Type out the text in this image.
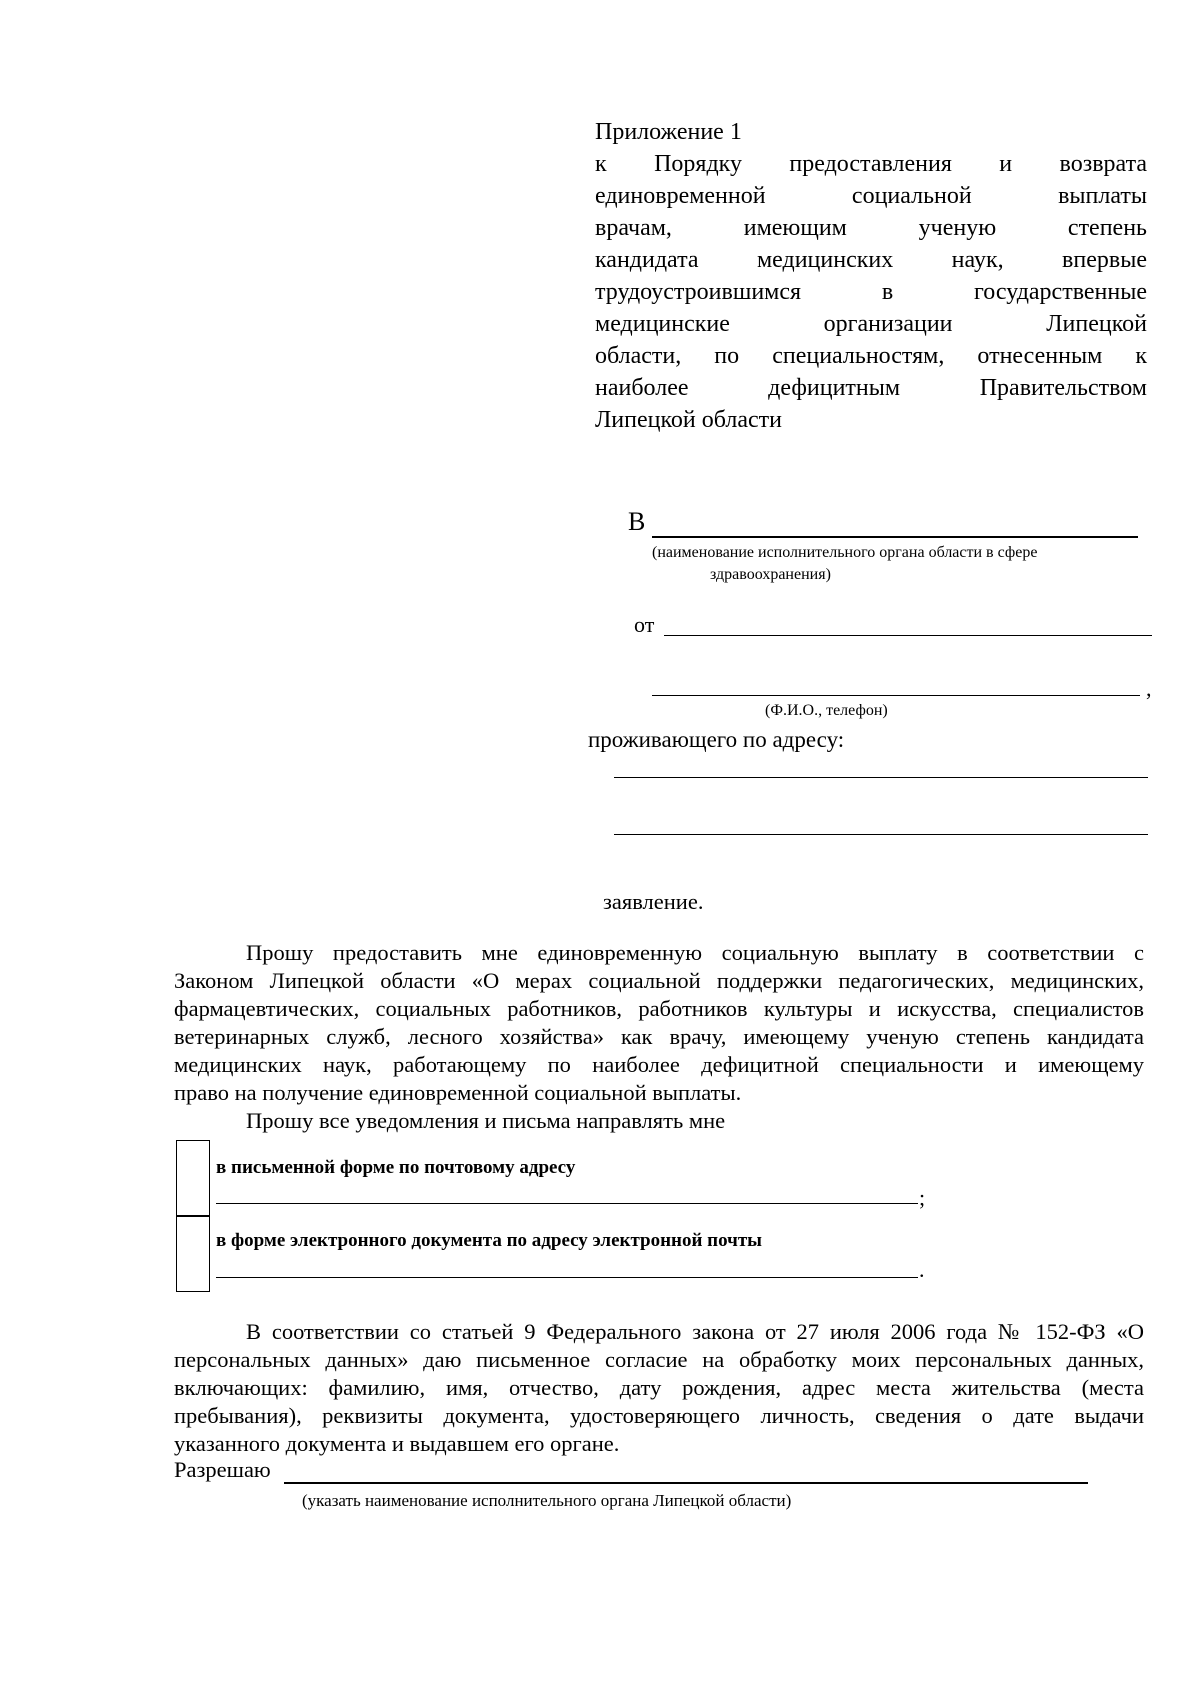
Приложение 1
к Порядку предоставления и возврата
единовременной социальной выплаты
врачам, имеющим ученую степень
кандидата медицинских наук, впервые
трудоустроившимся в государственные
медицинские организации Липецкой
области, по специальностям, отнесенным к
наиболее дефицитным Правительством
Липецкой области
В
(наименование исполнительного органа области в сфере
здравоохранения)
от
,
(Ф.И.О., телефон)
проживающего по адресу:
заявление.
Прошу предоставить мне единовременную социальную выплату в соответствии с
Законом Липецкой области «О мерах социальной поддержки педагогических, медицинских,
фармацевтических, социальных работников, работников культуры и искусства, специалистов
ветеринарных служб, лесного хозяйства» как врачу, имеющему ученую степень кандидата
медицинских наук, работающему по наиболее дефицитной специальности и имеющему
право на получение единовременной социальной выплаты.
Прошу все уведомления и письма направлять мне
в письменной форме по почтовому адресу
;
в форме электронного документа по адресу электронной почты
.
В соответствии со статьей 9 Федерального закона от 27 июля 2006 года № 152-ФЗ «О
персональных данных» даю письменное согласие на обработку моих персональных данных,
включающих: фамилию, имя, отчество, дату рождения, адрес места жительства (места
пребывания), реквизиты документа, удостоверяющего личность, сведения о дате выдачи
указанного документа и выдавшем его органе.
Разрешаю
(указать наименование исполнительного органа Липецкой области)
